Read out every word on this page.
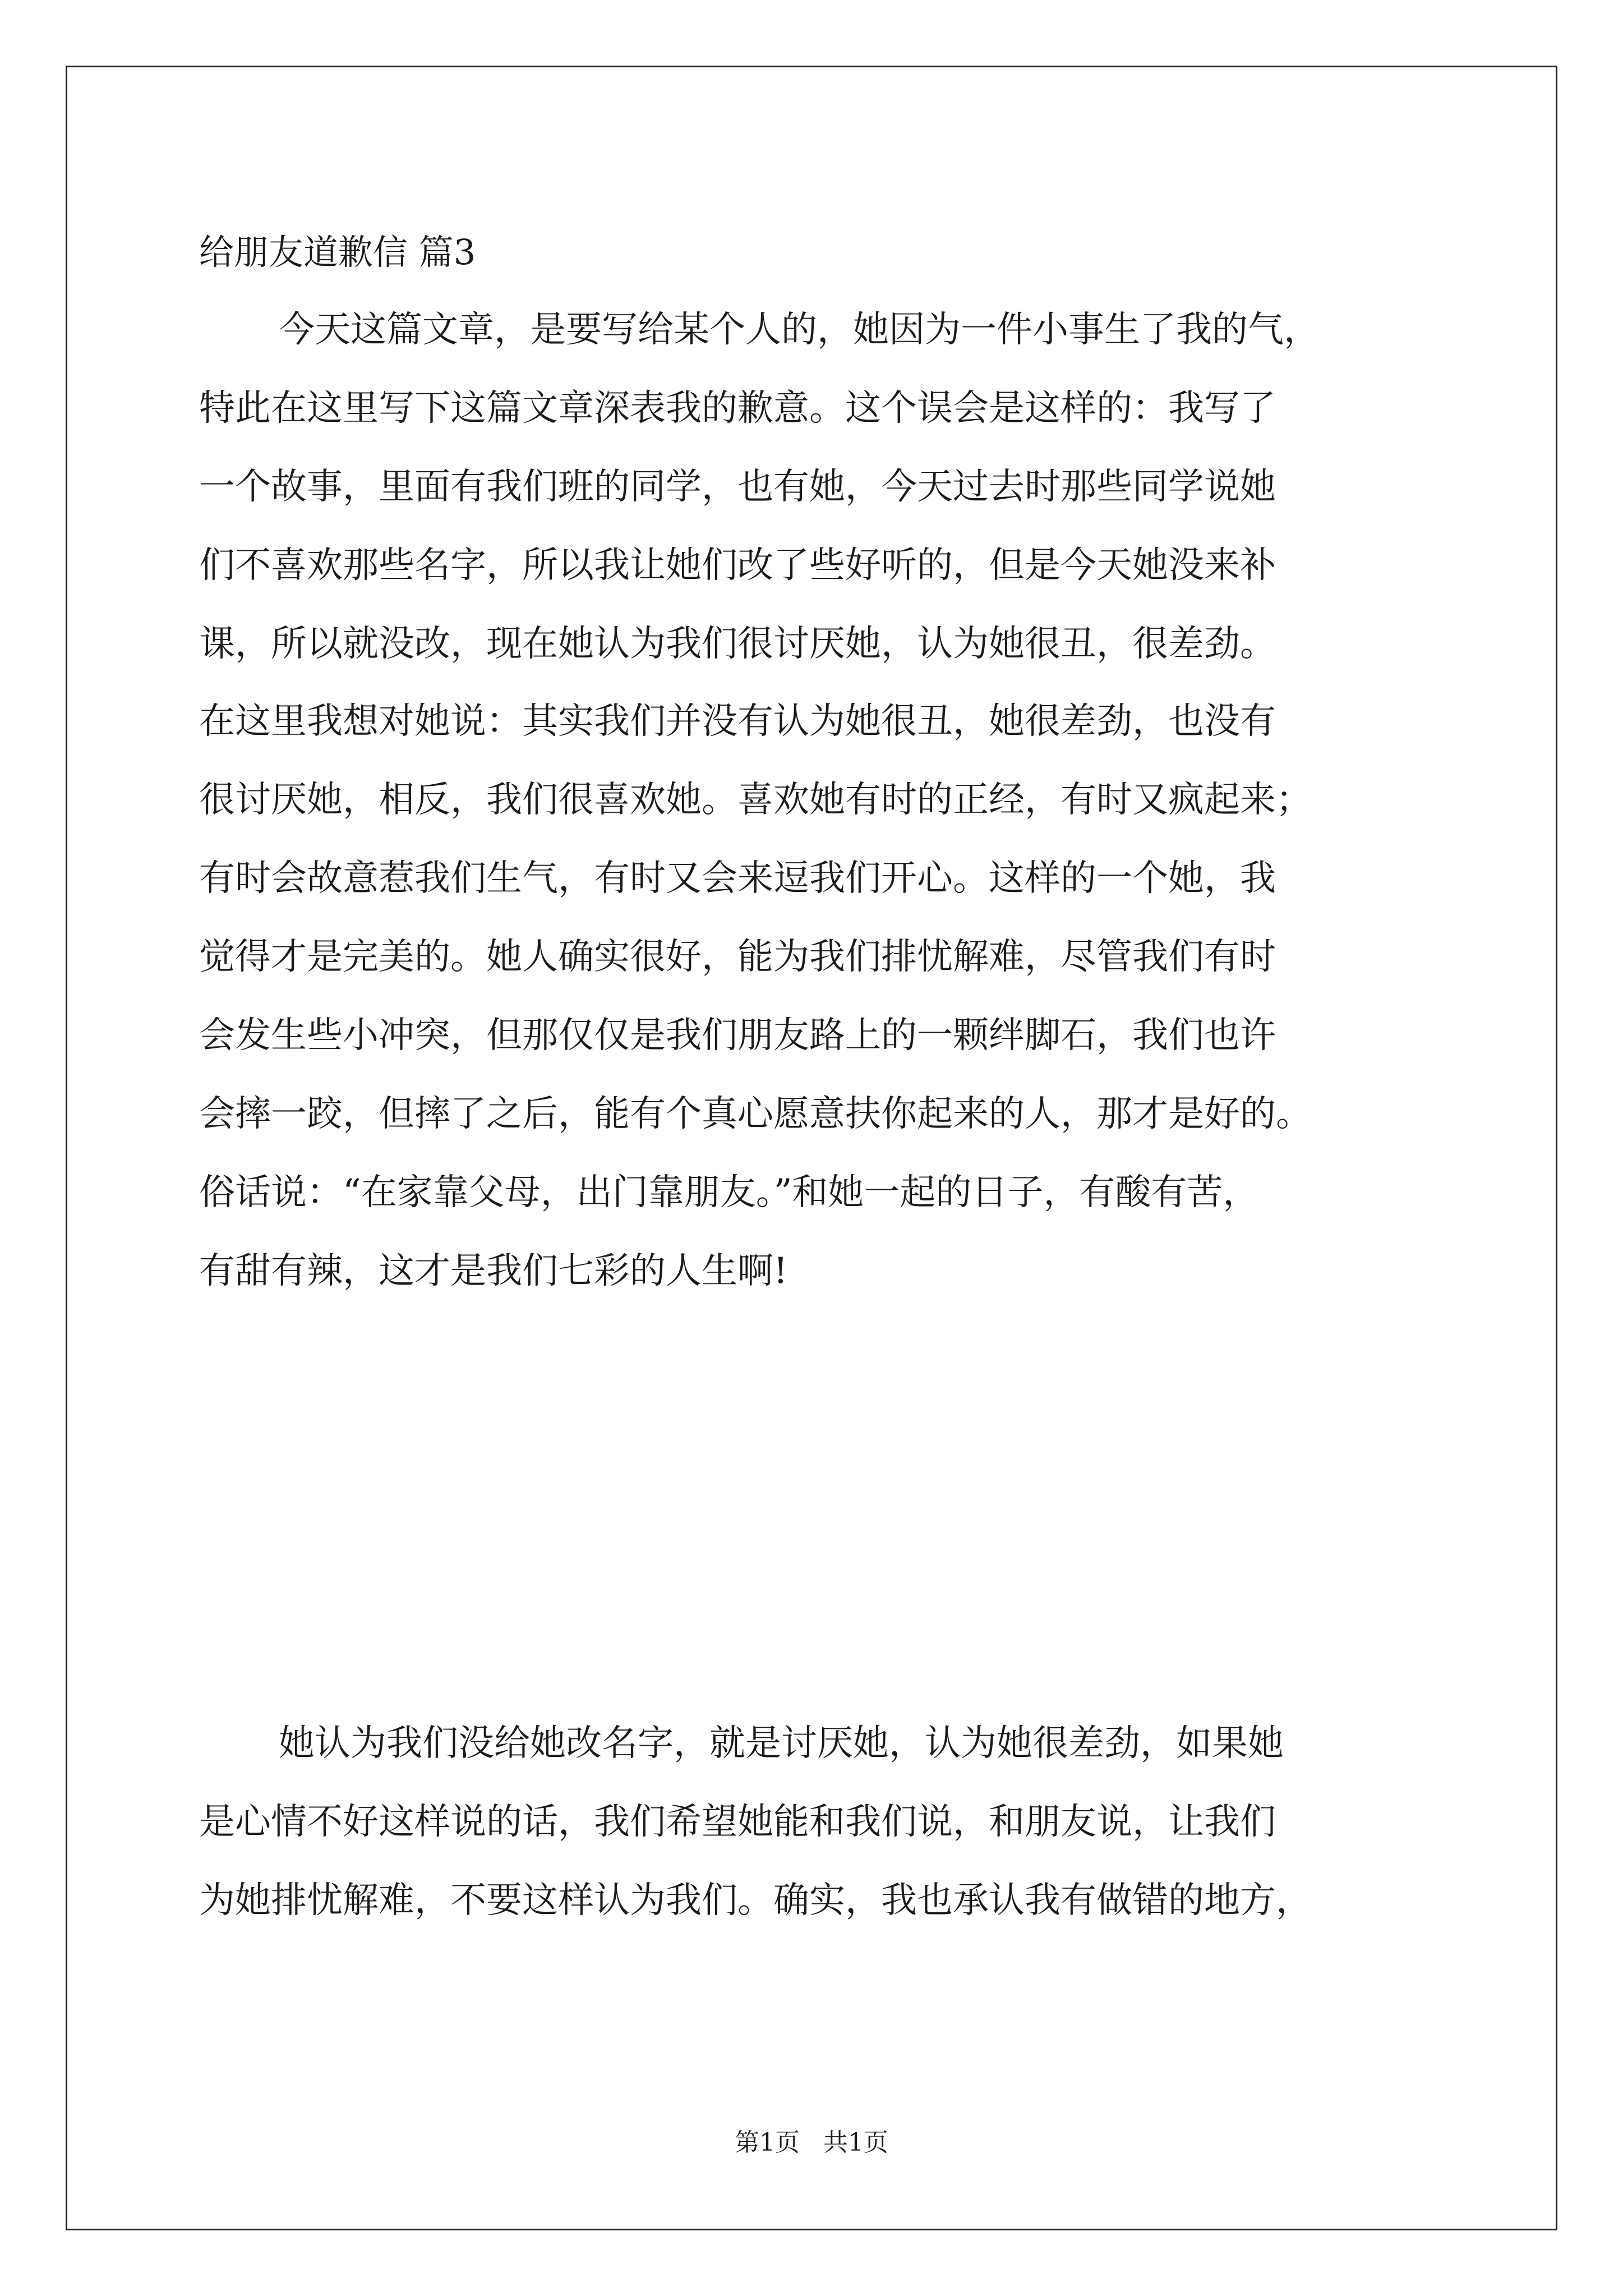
给朋友道歉信 篇3

今天这篇文章，是要写给某个人的，她因为一件小事生了我的气，

特此在这里写下这篇文章深表我的歉意。这个误会是这样的：我写了

一个故事，里面有我们班的同学，也有她，今天过去时那些同学说她

们不喜欢那些名字，所以我让她们改了些好听的，但是今天她没来补

课，所以就没改，现在她认为我们很讨厌她，认为她很丑，很差劲。

在这里我想对她说：其实我们并没有认为她很丑，她很差劲，也没有

很讨厌她，相反，我们很喜欢她。喜欢她有时的正经，有时又疯起来；

有时会故意惹我们生气，有时又会来逗我们开心。这样的一个她，我

觉得才是完美的。她人确实很好，能为我们排忧解难，尽管我们有时

会发生些小冲突，但那仅仅是我们朋友路上的一颗绊脚石，我们也许

会摔一跤，但摔了之后，能有个真心愿意扶你起来的人，那才是好的。

俗话说：“在家靠父母，出门靠朋友。”和她一起的日子，有酸有苦，

有甜有辣，这才是我们七彩的人生啊!

她认为我们没给她改名字，就是讨厌她，认为她很差劲，如果她

是心情不好这样说的话，我们希望她能和我们说，和朋友说，让我们

为她排忧解难，不要这样认为我们。确实，我也承认我有做错的地方，

第1页   共1页
